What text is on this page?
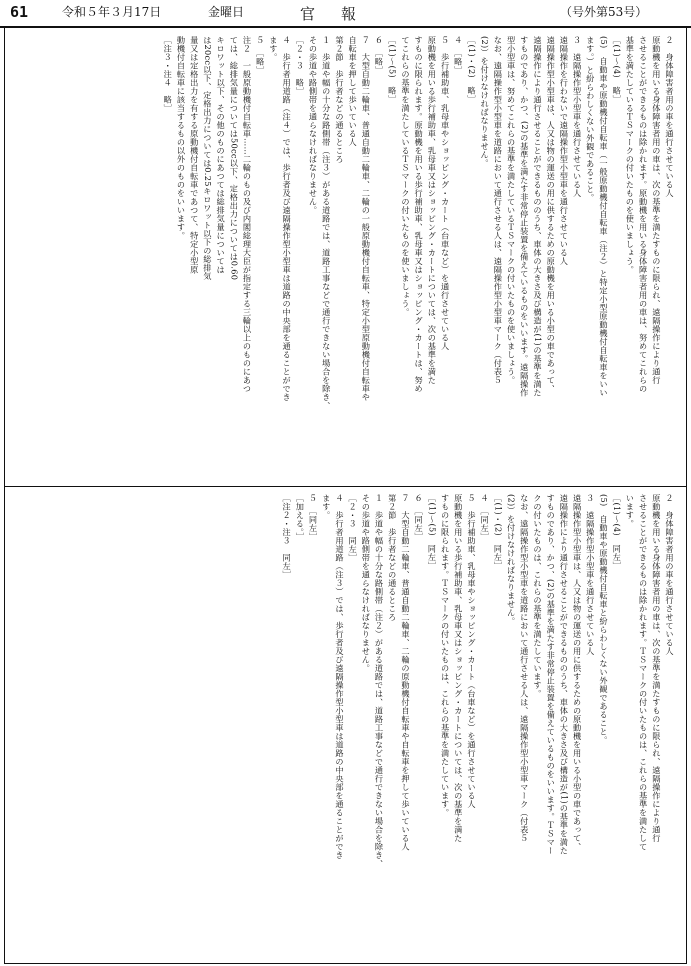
61	令和５年３月17日	金曜日	官報	（号外第53号）

２　身体障害者用の車を通行させている人

原動機を用いる身体障害者用の車は、次の基準を満たすものに限られ、遠隔操作により通行

させることができるものは除かれます。原動機を用いる身体障害者用の車は、努めてこれらの

基準を満たしているＴＳマークの付いたものを使いましょう。

［(1)～(4)　略］

(5)　自動車や原動機付自転車（一般原動機付自転車（注２）と特定小型原動機付自転車をいい

ます。）と紛らわしくない外観であること。

３　遠隔操作型小型車を通行させている人

遠隔操作を行わないで遠隔操作型小型車を通行させている人

遠隔操作型小型車は、人又は物の運送の用に供するための原動機を用いる小型の車であって、

遠隔操作により通行させることができるもののうち、車体の大きさ及び構造が(1)の基準を満た

すものであり、かつ、(2)の基準を満たす非常停止装置を備えているものをいいます。遠隔操作

型小型車は、努めてこれらの基準を満たしているＴＳマークの付いたものを使いましょう。

なお、遠隔操作型小型車を道路において通行させる人は、遠隔操作型小型車マーク（付表５

(2)）を付けなければなりません。

［(1)・(2)　略］

４　［略］

５　歩行補助車、乳母車やショッピング・カート（台車など）を通行させている人

原動機を用いる歩行補助車、乳母車又はショッピング・カートについては、次の基準を満た

すものに限られます。原動機を用いる歩行補助車、乳母車又はショッピング・カートは、努め

てこれらの基準を満たしているＴＳマークの付いたものを使いましょう。

［(1)～(5)　略］

６　［略］

７　大型自動二輪車、普通自動二輪車、二輪の一般原動機付自転車、特定小型原動機付自転車や

自転車を押して歩いている人

第２節　歩行者などの通るところ

１　歩道や幅の十分な路側帯（注３）がある道路では、道路工事などで通行できない場合を除き、

その歩道や路側帯を通らなければなりません。

［２・３　略］

４　歩行者用道路（注４）では、歩行者及び遠隔操作型小型車は道路の中央部を通ることができ

ます。

５　［略］

注２　一般原動機付自転車……二輪のもの及び内閣総理大臣が指定する三輪以上のものにあつ

ては、総排気量については50cc以下、定格出力については0.60

キロワット以下、その他のものにあつては総排気量については

は20cc以下、定格出力については0.25キロワット以下の総排気

量又は定格出力を有する原動機付自転車であつて、特定小型原

動機付自転車に該当するもの以外のものをいいます。

［注３・注４　略］

２　身体障害者用の車を通行させている人

原動機を用いる身体障害者用の車は、次の基準を満たすものに限られ、遠隔操作により通行

させることができるものは除かれます。ＴＳマークの付いたものは、これらの基準を満たして

います。

［(1)～(4)　同左］

(5)　自動車や原動機付自転車と紛らわしくない外観であること。

３　遠隔操作型小型車を通行させている人

遠隔操作型小型車は、人又は物の運送の用に供するための原動機を用いる小型の車であって、

遠隔操作により通行させることができるもののうち、車体の大きさ及び構造が(1)の基準を満た

すものであり、かつ、(2)の基準を満たす非常停止装置を備えているものをいいます。ＴＳマー

クの付いたものは、これらの基準を満たしています。

なお、遠隔操作型小型車を道路において通行させる人は、遠隔操作型小型車マーク（付表５

(2)）を付けなければなりません。

［(1)・(2)　同左］

４　［同左］

５　歩行補助車、乳母車やショッピング・カート（台車など）を通行させている人

原動機を用いる歩行補助車、乳母車又はショッピング・カートについては、次の基準を満た

すものに限られます。ＴＳマークの付いたものは、これらの基準を満たしています。

［(1)～(5)　同左］

６　［同左］

７　大型自動二輪車、普通自動二輪車、二輪の原動機付自転車や自転車を押して歩いている人

第２節　歩行者などの通るところ

１　歩道や幅の十分な路側帯（注２）がある道路では、道路工事などで通行できない場合を除き、

その歩道や路側帯を通らなければなりません。

［２・３　同左］

４　歩行者用道路（注３）では、歩行者及び遠隔操作型小型車は道路の中央部を通ることができ

ます。

５　［同左］

［加える。］

［注２・注３　同左］
